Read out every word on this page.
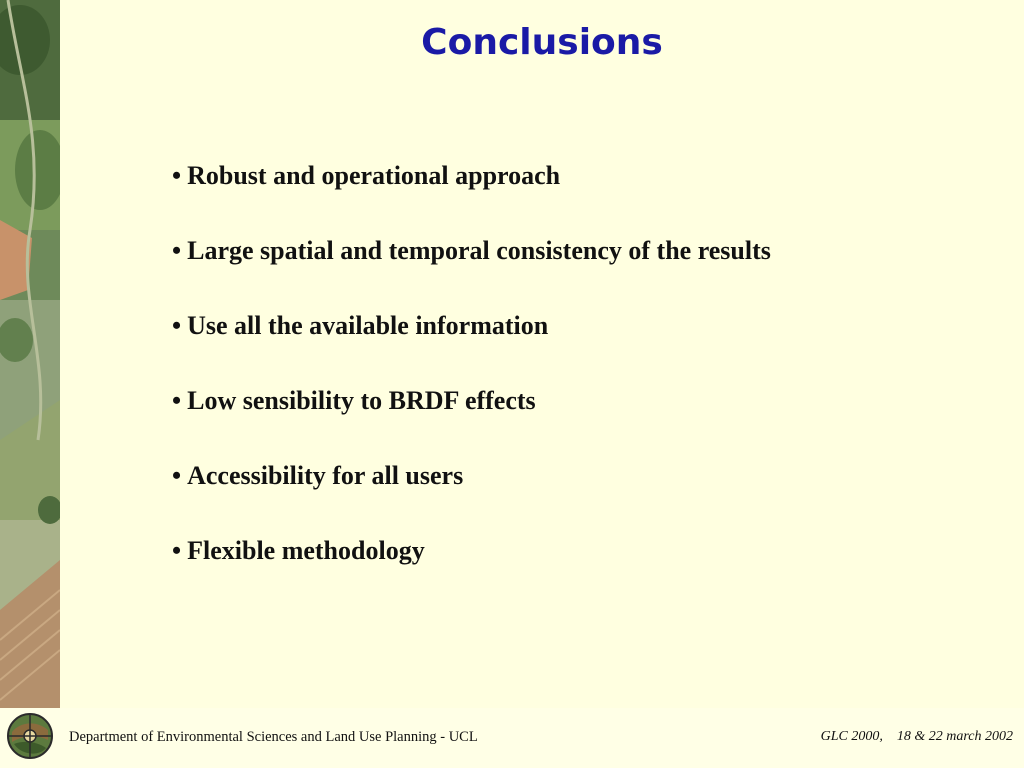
Conclusions
• Robust and operational approach
• Large spatial and temporal consistency of the results
• Use all the available information
• Low sensibility to BRDF effects
• Accessibility for all users
• Flexible methodology
Department of Environmental Sciences and Land Use Planning - UCL	GLC 2000, 18 & 22 march 2002
